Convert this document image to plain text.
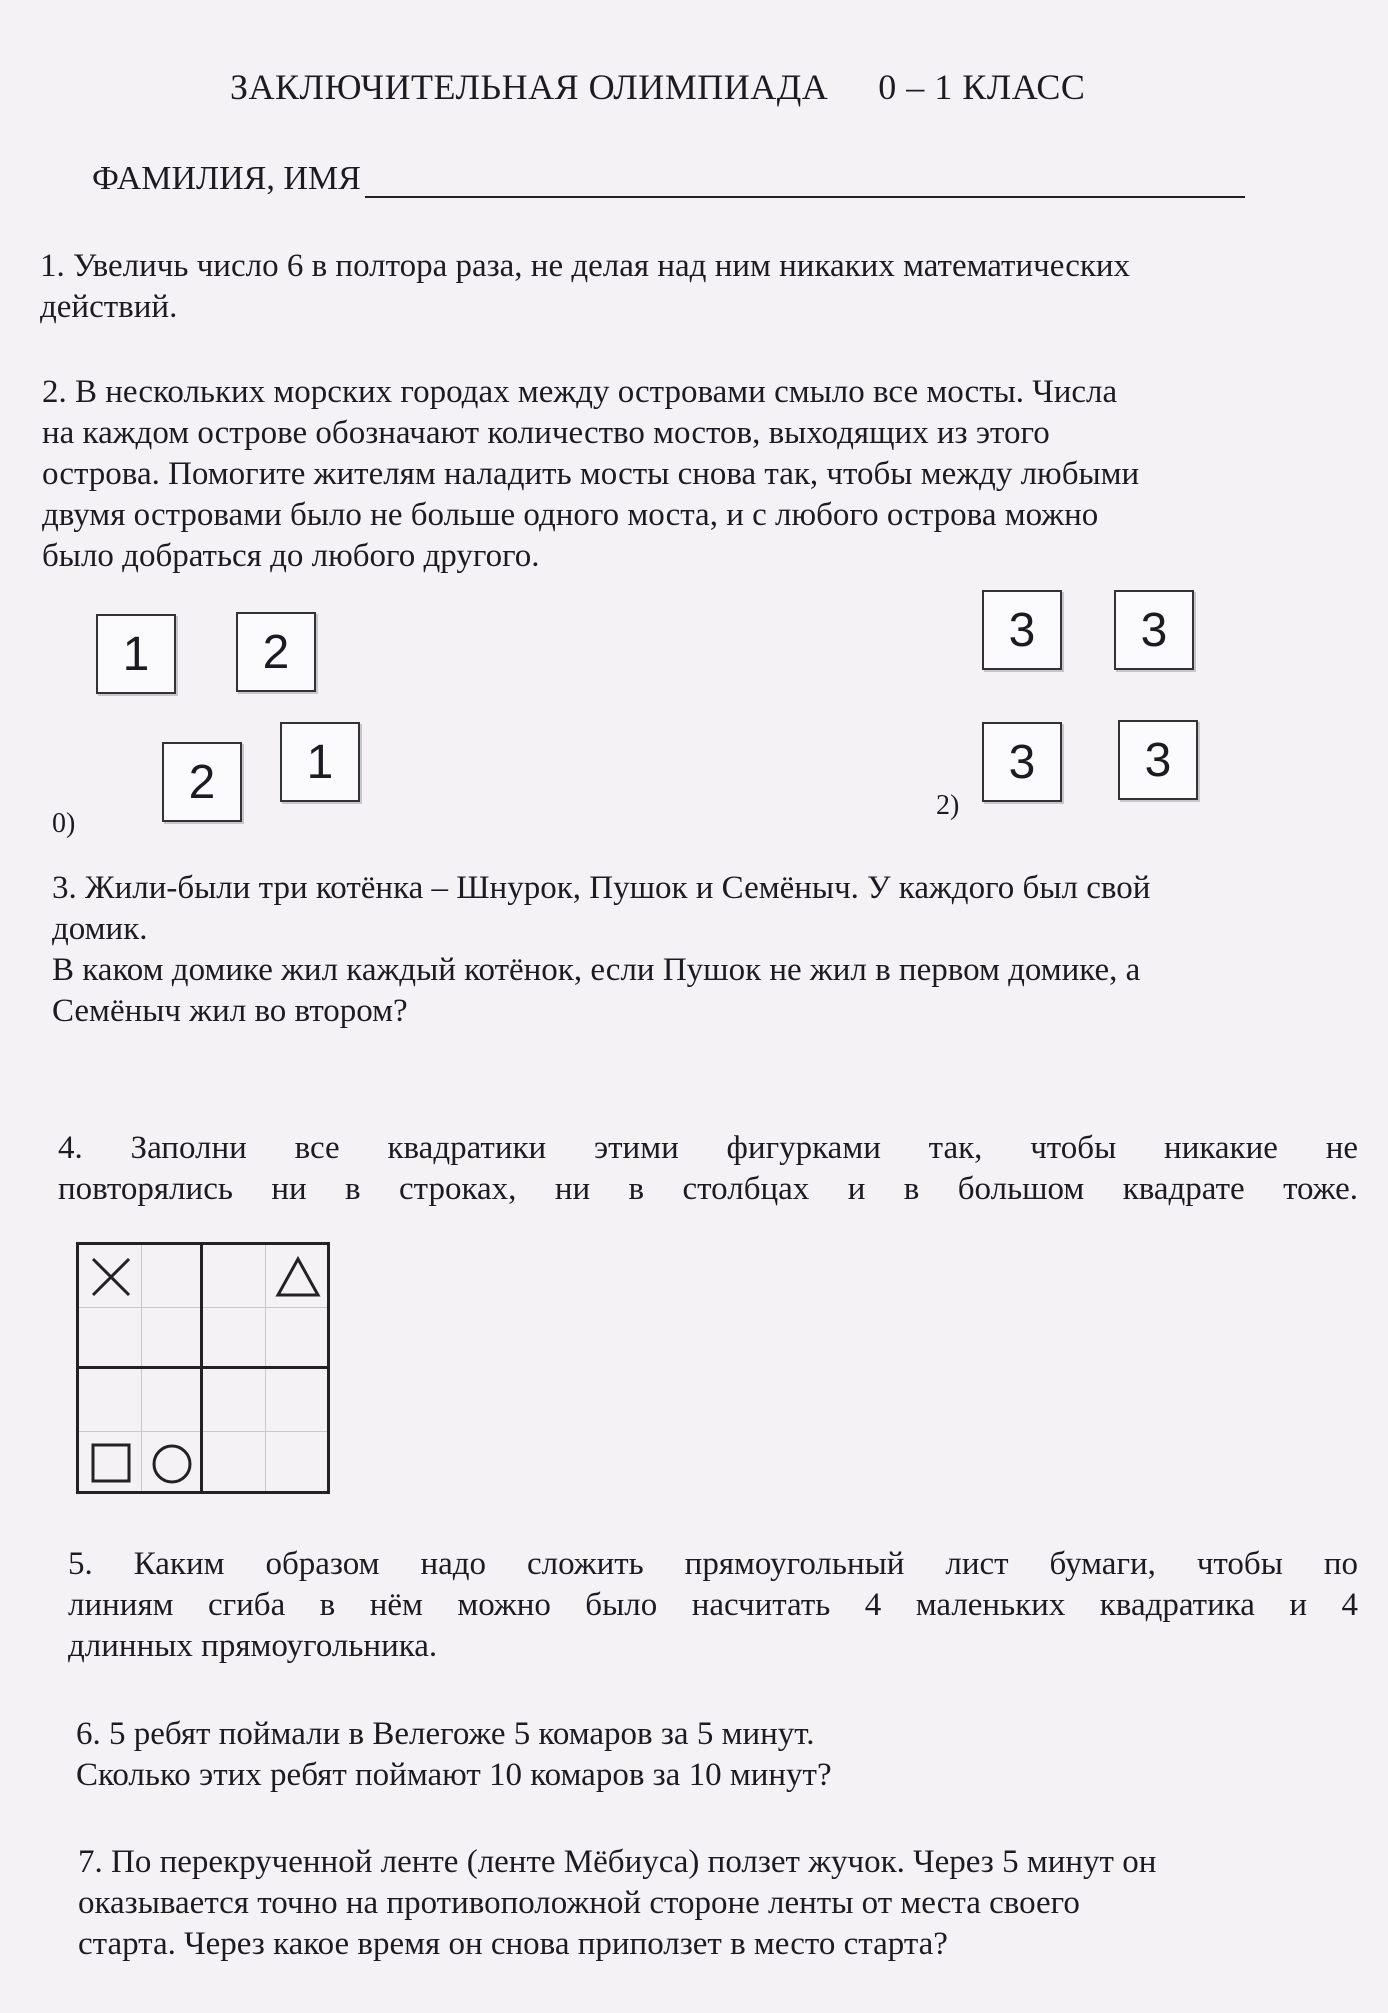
ЗАКЛЮЧИТЕЛЬНАЯ ОЛИМПИАДА 0 – 1 КЛАСС
ФАМИЛИЯ, ИМЯ

1. Увеличь число 6 в полтора раза, не делая над ним никаких математических

действий.

2. В нескольких морских городах между островами смыло все мосты. Числа

на каждом острове обозначают количество мостов, выходящих из этого

острова. Помогите жителям наладить мосты снова так, чтобы между любыми

двумя островами было не больше одного моста, и с любого острова можно

было добраться до любого другого.

1	2
2	1
0)
3	3
3	3
2)

3. Жили-были три котёнка – Шнурок, Пушок и Семёныч. У каждого был свой

домик.

В каком домике жил каждый котёнок, если Пушок не жил в первом домике, а

Семёныч жил во втором?

4. Заполни все квадратики этими фигурками так, чтобы никакие не

повторялись ни в строках, ни в столбцах и в большом квадрате тоже.

5. Каким образом надо сложить прямоугольный лист бумаги, чтобы по

линиям сгиба в нём можно было насчитать 4 маленьких квадратика и 4

длинных прямоугольника.

6. 5 ребят поймали в Велегоже 5 комаров за 5 минут.

Сколько этих ребят поймают 10 комаров за 10 минут?

7. По перекрученной ленте (ленте Мёбиуса) ползет жучок. Через 5 минут он

оказывается точно на противоположной стороне ленты от места своего

старта. Через какое время он снова приползет в место старта?
